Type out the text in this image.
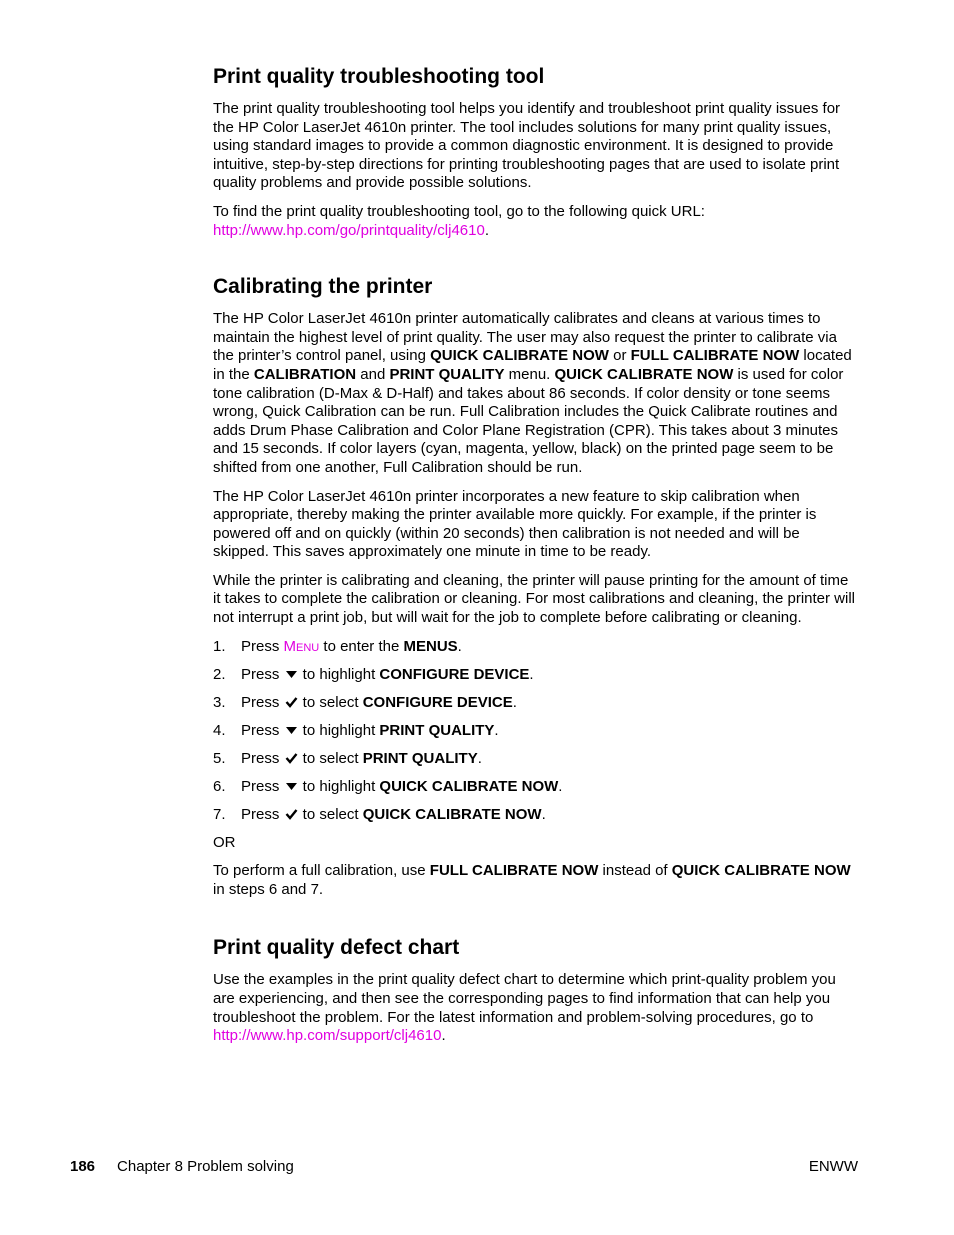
Print quality troubleshooting tool

The print quality troubleshooting tool helps you identify and troubleshoot print quality issues for the HP Color LaserJet 4610n printer. The tool includes solutions for many print quality issues, using standard images to provide a common diagnostic environment. It is designed to provide intuitive, step-by-step directions for printing troubleshooting pages that are used to isolate print quality problems and provide possible solutions.

To find the print quality troubleshooting tool, go to the following quick URL:
http://www.hp.com/go/printquality/clj4610.

Calibrating the printer

The HP Color LaserJet 4610n printer automatically calibrates and cleans at various times to maintain the highest level of print quality. The user may also request the printer to calibrate via the printer’s control panel, using QUICK CALIBRATE NOW or FULL CALIBRATE NOW located in the CALIBRATION and PRINT QUALITY menu. QUICK CALIBRATE NOW is used for color tone calibration (D-Max & D-Half) and takes about 86 seconds. If color density or tone seems wrong, Quick Calibration can be run. Full Calibration includes the Quick Calibrate routines and adds Drum Phase Calibration and Color Plane Registration (CPR). This takes about 3 minutes and 15 seconds. If color layers (cyan, magenta, yellow, black) on the printed page seem to be shifted from one another, Full Calibration should be run.

The HP Color LaserJet 4610n printer incorporates a new feature to skip calibration when appropriate, thereby making the printer available more quickly. For example, if the printer is powered off and on quickly (within 20 seconds) then calibration is not needed and will be skipped. This saves approximately one minute in time to be ready.

While the printer is calibrating and cleaning, the printer will pause printing for the amount of time it takes to complete the calibration or cleaning. For most calibrations and cleaning, the printer will not interrupt a print job, but will wait for the job to complete before calibrating or cleaning.

1. Press Menu to enter the MENUS.
2. Press  to highlight CONFIGURE DEVICE.
3. Press  to select CONFIGURE DEVICE.
4. Press  to highlight PRINT QUALITY.
5. Press  to select PRINT QUALITY.
6. Press  to highlight QUICK CALIBRATE NOW.
7. Press  to select QUICK CALIBRATE NOW.

OR

To perform a full calibration, use FULL CALIBRATE NOW instead of QUICK CALIBRATE NOW in steps 6 and 7.

Print quality defect chart

Use the examples in the print quality defect chart to determine which print-quality problem you are experiencing, and then see the corresponding pages to find information that can help you troubleshoot the problem. For the latest information and problem-solving procedures, go to http://www.hp.com/support/clj4610.

186 Chapter 8 Problem solving	ENWW
